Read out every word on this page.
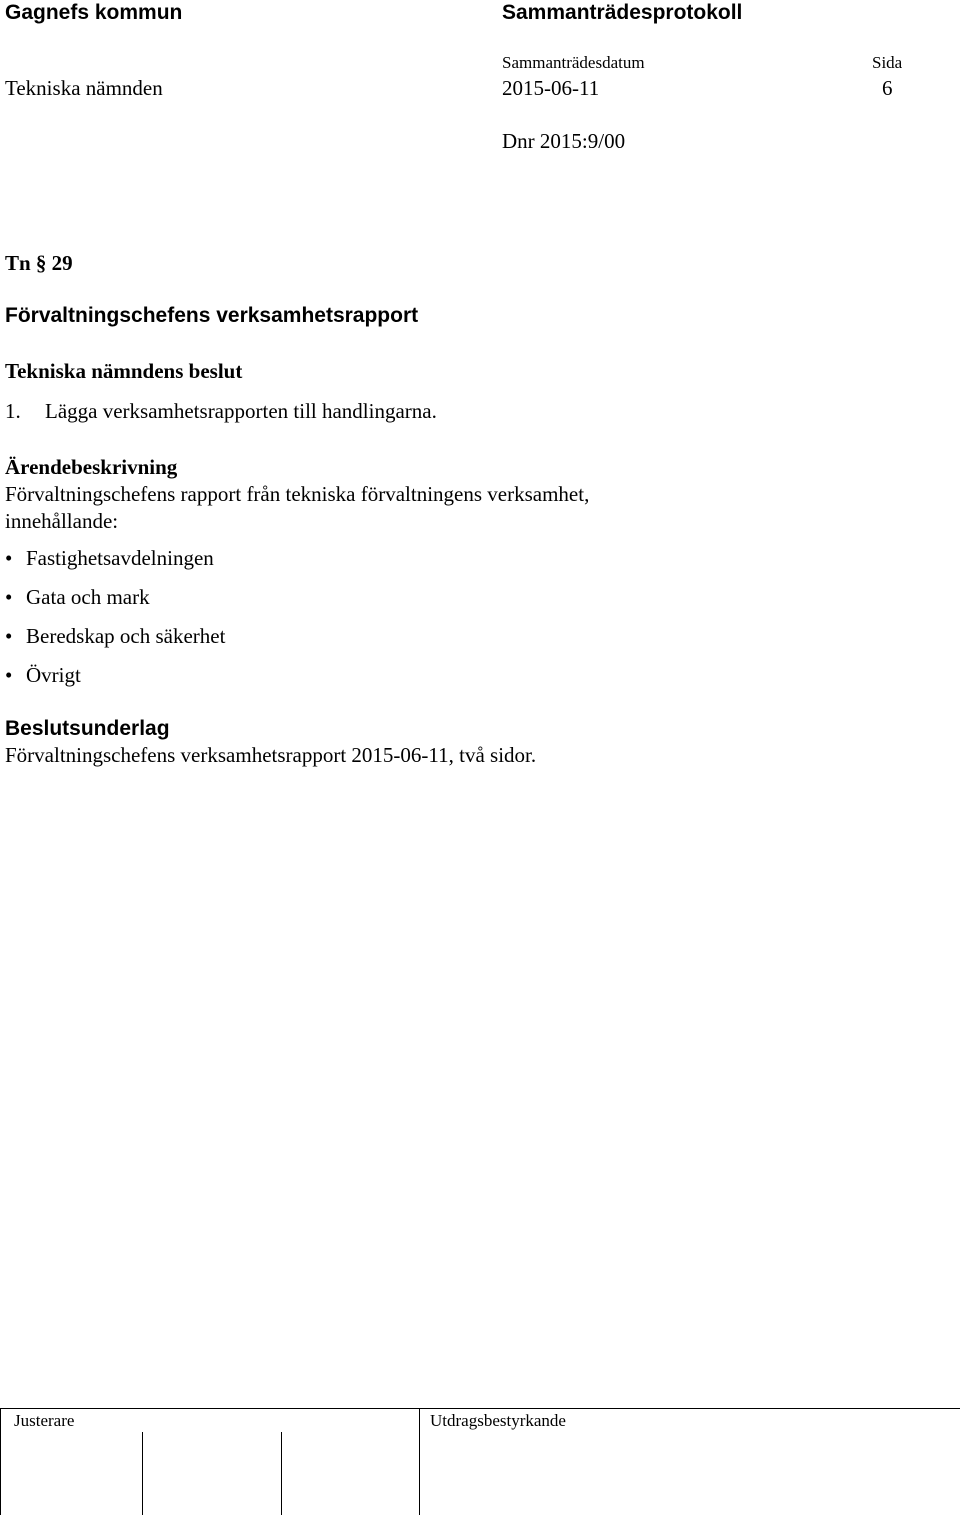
Gagnefs kommun	Sammanträdesprotokoll
Sammanträdesdatum	Sida
Tekniska nämnden	2015-06-11	6
Dnr 2015:9/00
Tn § 29
Förvaltningschefens verksamhetsrapport
Tekniska nämndens beslut
1. Lägga verksamhetsrapporten till handlingarna.
Ärendebeskrivning
Förvaltningschefens rapport från tekniska förvaltningens verksamhet,
innehållande:
• Fastighetsavdelningen
• Gata och mark
• Beredskap och säkerhet
• Övrigt
Beslutsunderlag
Förvaltningschefens verksamhetsrapport 2015-06-11, två sidor.
Justerare	Utdragsbestyrkande
